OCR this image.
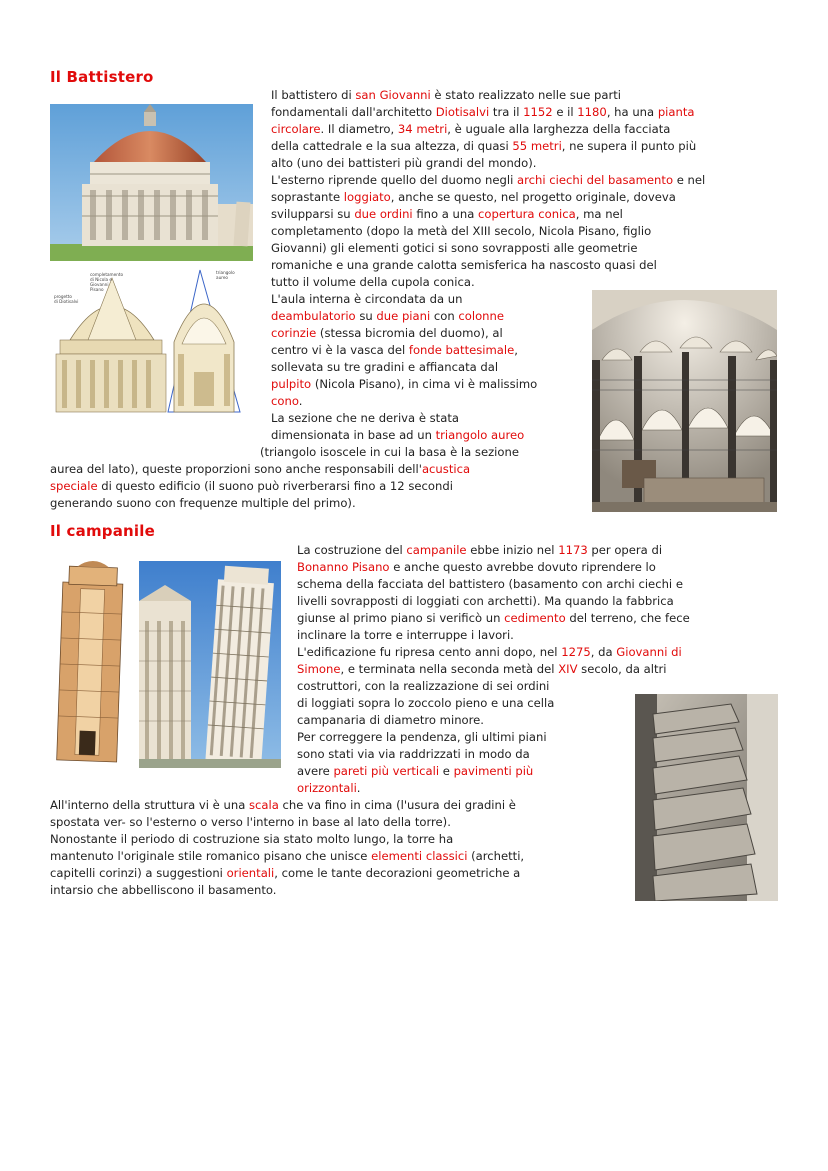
Il Battistero
Il campanile
completamento di Nicola e Giovanni Pisano
progetto di Diotisalvi
triangolo aureo
Il battistero di san Giovanni è stato realizzato nelle sue parti
fondamentali dall'architetto Diotisalvi tra il 1152 e il 1180, ha una pianta
circolare. Il diametro, 34 metri, è uguale alla larghezza della facciata
della cattedrale e la sua altezza, di quasi 55 metri, ne supera il punto più
alto (uno dei battisteri più grandi del mondo).
L'esterno riprende quello del duomo negli archi ciechi del basamento e nel
soprastante loggiato, anche se questo, nel progetto originale, doveva
svilupparsi su due ordini fino a una copertura conica, ma nel
completamento (dopo la metà del XIII secolo, Nicola Pisano, figlio
Giovanni) gli elementi gotici si sono sovrapposti alle geometrie
romaniche e una grande calotta semisferica ha nascosto quasi del
tutto il volume della cupola conica.
L'aula interna è circondata da un
deambulatorio su due piani con colonne
corinzie (stessa bicromia del duomo), al
centro vi è la vasca del fonde battesimale,
sollevata su tre gradini e affiancata dal
pulpito (Nicola Pisano), in cima vi è malissimo
cono.
La sezione che ne deriva è stata
dimensionata in base ad un triangolo aureo
(triangolo isoscele in cui la basa è la sezione
aurea del lato), queste proporzioni sono anche responsabili dell'acustica
speciale di questo edificio (il suono può riverberarsi fino a 12 secondi
generando suono con frequenze multiple del primo).
La costruzione del campanile ebbe inizio nel 1173 per opera di
Bonanno Pisano e anche questo avrebbe dovuto riprendere lo
schema della facciata del battistero (basamento con archi ciechi e
livelli sovrapposti di loggiati con archetti). Ma quando la fabbrica
giunse al primo piano si verificò un cedimento del terreno, che fece
inclinare la torre e interruppe i lavori.
L'edificazione fu ripresa cento anni dopo, nel 1275, da Giovanni di
Simone, e terminata nella seconda metà del XIV secolo, da altri
costruttori, con la realizzazione di sei ordini
di loggiati sopra lo zoccolo pieno e una cella
campanaria di diametro minore.
Per correggere la pendenza, gli ultimi piani
sono stati via via raddrizzati in modo da
avere pareti più verticali e pavimenti più
orizzontali.
All'interno della struttura vi è una scala che va fino in cima (l'usura dei gradini è
spostata ver- so l'esterno o verso l'interno in base al lato della torre).
Nonostante il periodo di costruzione sia stato molto lungo, la torre ha
mantenuto l'originale stile romanico pisano che unisce elementi classici (archetti,
capitelli corinzi) a suggestioni orientali, come le tante decorazioni geometriche a
intarsio che abbelliscono il basamento.
